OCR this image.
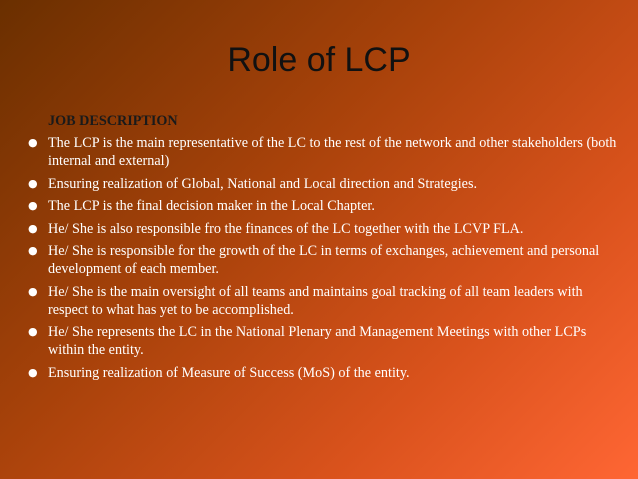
Role of LCP
JOB DESCRIPTION
● The LCP is the main representative of the LC to the rest of the network and other stakeholders (both internal and external)
● Ensuring realization of Global, National and Local direction and Strategies.
● The LCP is the final decision maker in the Local Chapter.
● He/ She is also responsible fro the finances of the LC together with the LCVP FLA.
● He/ She is responsible for the growth of the LC in terms of exchanges, achievement and personal development of each member.
● He/ She is the main oversight of all teams and maintains goal tracking of all team leaders with respect to what has yet to be accomplished.
● He/ She represents the LC in the National Plenary and Management Meetings with other LCPs within the entity.
● Ensuring realization of Measure of Success (MoS) of the entity.
